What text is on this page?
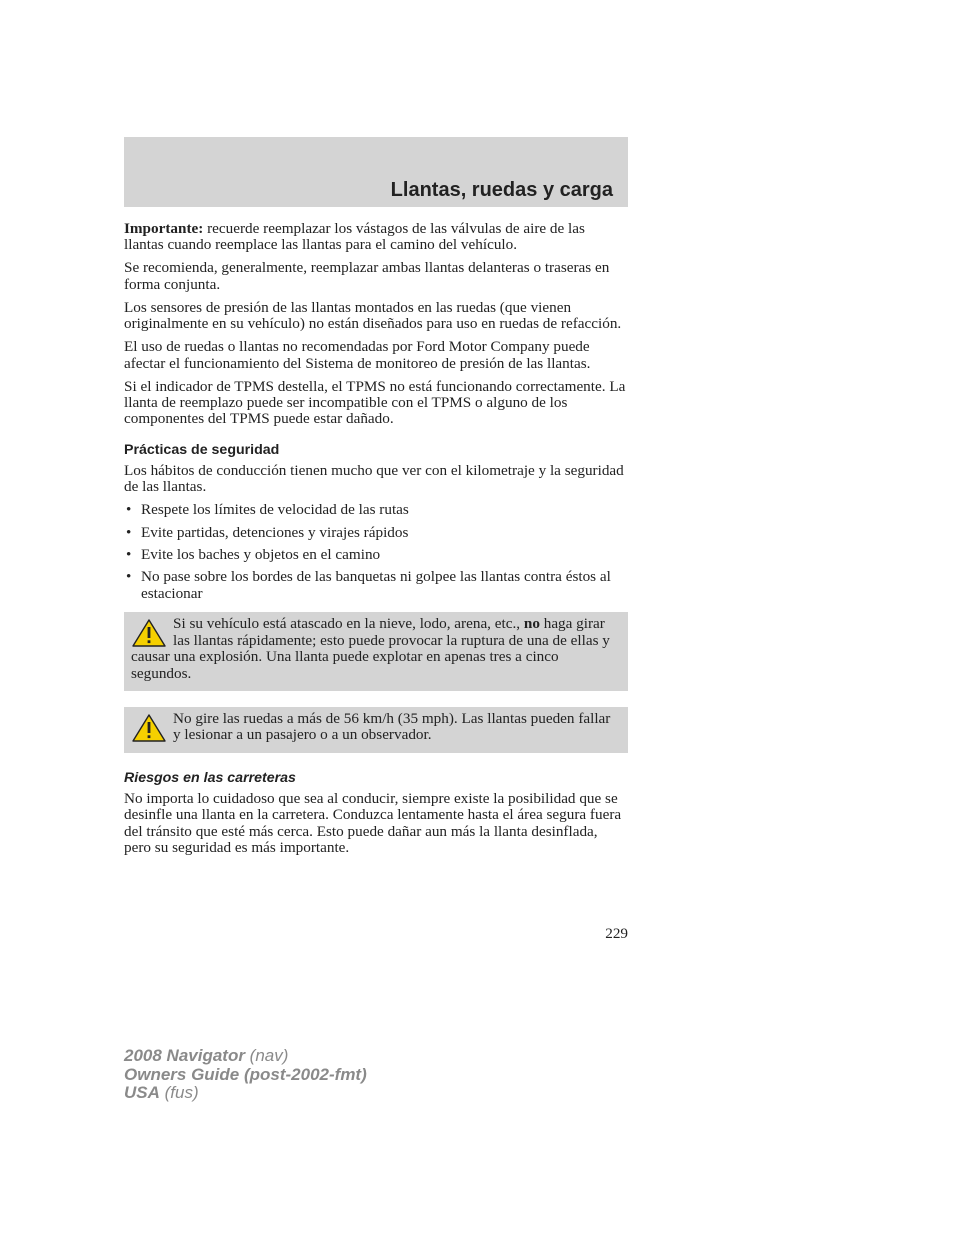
Llantas, ruedas y carga

Importante: recuerde reemplazar los vástagos de las válvulas de aire de las llantas cuando reemplace las llantas para el camino del vehículo.

Se recomienda, generalmente, reemplazar ambas llantas delanteras o traseras en forma conjunta.

Los sensores de presión de las llantas montados en las ruedas (que vienen originalmente en su vehículo) no están diseñados para uso en ruedas de refacción.

El uso de ruedas o llantas no recomendadas por Ford Motor Company puede afectar el funcionamiento del Sistema de monitoreo de presión de las llantas.

Si el indicador de TPMS destella, el TPMS no está funcionando correctamente. La llanta de reemplazo puede ser incompatible con el TPMS o alguno de los componentes del TPMS puede estar dañado.

Prácticas de seguridad

Los hábitos de conducción tienen mucho que ver con el kilometraje y la seguridad de las llantas.

• Respete los límites de velocidad de las rutas
• Evite partidas, detenciones y virajes rápidos
• Evite los baches y objetos en el camino
• No pase sobre los bordes de las banquetas ni golpee las llantas contra éstos al estacionar

Si su vehículo está atascado en la nieve, lodo, arena, etc., no haga girar las llantas rápidamente; esto puede provocar la ruptura de una de ellas y causar una explosión. Una llanta puede explotar en apenas tres a cinco segundos.

No gire las ruedas a más de 56 km/h (35 mph). Las llantas pueden fallar y lesionar a un pasajero o a un observador.

Riesgos en las carreteras

No importa lo cuidadoso que sea al conducir, siempre existe la posibilidad que se desinfle una llanta en la carretera. Conduzca lentamente hasta el área segura fuera del tránsito que esté más cerca. Esto puede dañar aun más la llanta desinflada, pero su seguridad es más importante.

229
2008 Navigator (nav)
Owners Guide (post-2002-fmt)
USA (fus)
